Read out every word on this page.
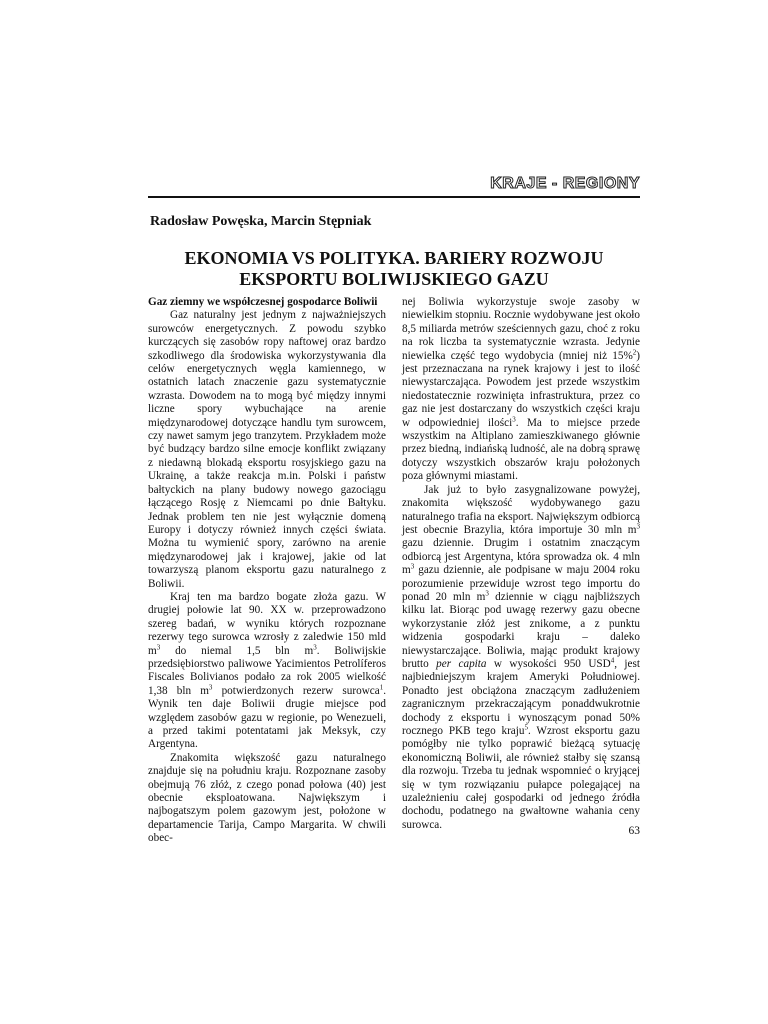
KRAJE - REGIONY
Radosław Powęska, Marcin Stępniak
EKONOMIA VS POLITYKA. BARIERY ROZWOJU
EKSPORTU BOLIWIJSKIEGO GAZU

Gaz ziemny we współczesnej gospodarce Boliwii

Gaz naturalny jest jednym z najważniejszych surowców energetycznych. Z powodu szybko kurczących się zasobów ropy naftowej oraz bardzo szkodliwego dla środowiska wykorzystywania dla celów energetycznych węgla kamiennego, w ostatnich latach znaczenie gazu systematycznie wzrasta. Dowodem na to mogą być między innymi liczne spory wybuchające na arenie międzynarodowej dotyczące handlu tym surowcem, czy nawet samym jego tranzytem. Przykładem może być budzący bardzo silne emocje konflikt związany z niedawną blokadą eksportu rosyjskiego gazu na Ukrainę, a także reakcja m.in. Polski i państw bałtyckich na plany budowy nowego gazociągu łączącego Rosję z Niemcami po dnie Bałtyku. Jednak problem ten nie jest wyłącznie domeną Europy i dotyczy również innych części świata. Można tu wymienić spory, zarówno na arenie międzynarodowej jak i krajowej, jakie od lat towarzyszą planom eksportu gazu naturalnego z Boliwii.

Kraj ten ma bardzo bogate złoża gazu. W drugiej połowie lat 90. XX w. przeprowadzono szereg badań, w wyniku których rozpoznane rezerwy tego surowca wzrosły z zaledwie 150 mld $m^3$ do niemal 1,5 bln $m^3$. Boliwijskie przedsiębiorstwo paliwowe Yacimientos Petrolíferos Fiscales Bolivianos podało za rok 2005 wielkość 1,38 bln $m^3$ potwierdzonych rezerw surowca$^1$. Wynik ten daje Boliwii drugie miejsce pod względem zasobów gazu w regionie, po Wenezueli, a przed takimi potentatami jak Meksyk, czy Argentyna.

Znakomita większość gazu naturalnego znajduje się na południu kraju. Rozpoznane zasoby obejmują 76 złóż, z czego ponad połowa (40) jest obecnie eksploatowana. Największym i najbogatszym polem gazowym jest, położone w departamencie Tarija, Campo Margarita. W chwili obec-

nej Boliwia wykorzystuje swoje zasoby w niewielkim stopniu. Rocznie wydobywane jest około 8,5 miliarda metrów sześciennych gazu, choć z roku na rok liczba ta systematycznie wzrasta. Jedynie niewielka część tego wydobycia (mniej niż 15%$^2$) jest przeznaczana na rynek krajowy i jest to ilość niewystarczająca. Powodem jest przede wszystkim niedostatecznie rozwinięta infrastruktura, przez co gaz nie jest dostarczany do wszystkich części kraju w odpowiedniej ilości$^3$. Ma to miejsce przede wszystkim na Altiplano zamieszkiwanego głównie przez biedną, indiańską ludność, ale na dobrą sprawę dotyczy wszystkich obszarów kraju położonych poza głównymi miastami.

Jak już to było zasygnalizowane powyżej, znakomita większość wydobywanego gazu naturalnego trafia na eksport. Największym odbiorcą jest obecnie Brazylia, która importuje 30 mln $m^3$ gazu dziennie. Drugim i ostatnim znaczącym odbiorcą jest Argentyna, która sprowadza ok. 4 mln $m^3$ gazu dziennie, ale podpisane w maju 2004 roku porozumienie przewiduje wzrost tego importu do ponad 20 mln $m^3$ dziennie w ciągu najbliższych kilku lat. Biorąc pod uwagę rezerwy gazu obecne wykorzystanie złóż jest znikome, a z punktu widzenia gospodarki kraju – daleko niewystarczające. Boliwia, mając produkt krajowy brutto per capita w wysokości 950 USD$^4$, jest najbiedniejszym krajem Ameryki Południowej. Ponadto jest obciążona znaczącym zadłużeniem zagranicznym przekraczającym ponaddwukrotnie dochody z eksportu i wynoszącym ponad 50% rocznego PKB tego kraju$^5$. Wzrost eksportu gazu pomógłby nie tylko poprawić bieżącą sytuację ekonomiczną Boliwii, ale również stałby się szansą dla rozwoju. Trzeba tu jednak wspomnieć o kryjącej się w tym rozwiązaniu pułapce polegającej na uzależnieniu całej gospodarki od jednego źródła dochodu, podatnego na gwałtowne wahania ceny surowca.

63
